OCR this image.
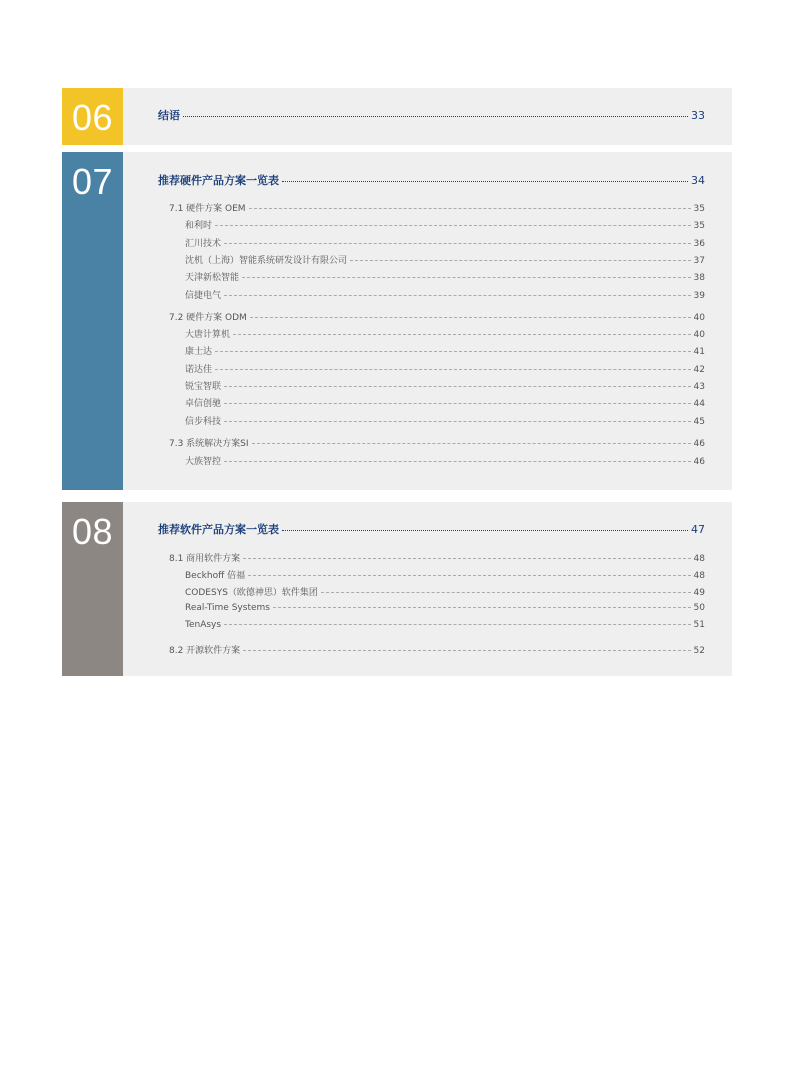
06	结语	33
07	推荐硬件产品方案一览表	34
7.1 硬件方案 OEM	35
和利时	35
汇川技术	36
沈机（上海）智能系统研发设计有限公司	37
天津新松智能	38
信捷电气	39
7.2 硬件方案 ODM	40
大唐计算机	40
康士达	41
诺达佳	42
锐宝智联	43
卓信创驰	44
信步科技	45
7.3 系统解决方案SI	46
大族智控	46
08	推荐软件产品方案一览表	47
8.1 商用软件方案	48
Beckhoff 倍福	48
CODESYS（欧德神思）软件集团	49
Real-Time Systems	50
TenAsys	51
8.2 开源软件方案	52
